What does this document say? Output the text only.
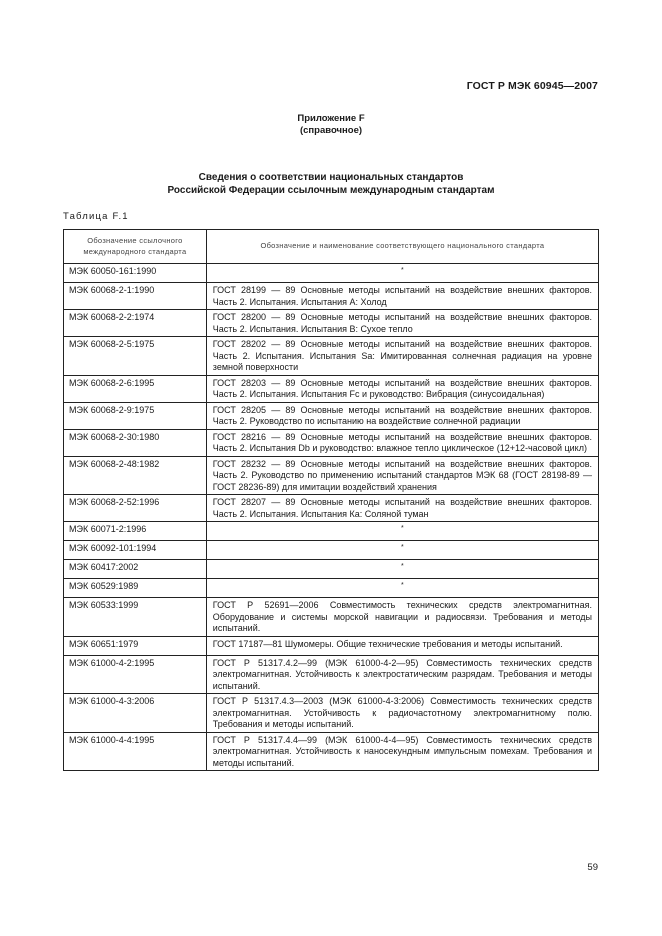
ГОСТ Р МЭК 60945—2007
Приложение F
(справочное)
Сведения о соответствии национальных стандартов
Российской Федерации ссылочным международным стандартам
Таблица F.1
Обозначение ссылочного международного стандарта	Обозначение и наименование соответствующего национального стандарта
МЭК 60050-161:1990	*
МЭК 60068-2-1:1990	ГОСТ 28199 — 89 Основные методы испытаний на воздействие внешних факторов. Часть 2. Испытания. Испытания А: Холод
МЭК 60068-2-2:1974	ГОСТ 28200 — 89 Основные методы испытаний на воздействие внешних факторов. Часть 2. Испытания. Испытания В: Сухое тепло
МЭК 60068-2-5:1975	ГОСТ 28202 — 89 Основные методы испытаний на воздействие внешних факторов. Часть 2. Испытания. Испытания Sa: Имитированная солнечная радиация на уровне земной поверхности
МЭК 60068-2-6:1995	ГОСТ 28203 — 89 Основные методы испытаний на воздействие внешних факторов. Часть 2. Испытания. Испытания Fc и руководство: Вибрация (синусоидальная)
МЭК 60068-2-9:1975	ГОСТ 28205 — 89 Основные методы испытаний на воздействие внешних факторов. Часть 2. Руководство по испытанию на воздействие солнечной радиации
МЭК 60068-2-30:1980	ГОСТ 28216 — 89 Основные методы испытаний на воздействие внешних факторов. Часть 2. Испытания Db и руководство: влажное тепло циклическое (12+12-часовой цикл)
МЭК 60068-2-48:1982	ГОСТ 28232 — 89 Основные методы испытаний на воздействие внешних факторов. Часть 2. Руководство по применению испытаний стандартов МЭК 68 (ГОСТ 28198-89 — ГОСТ 28236-89) для имитации воздействий хранения
МЭК 60068-2-52:1996	ГОСТ 28207 — 89 Основные методы испытаний на воздействие внешних факторов. Часть 2. Испытания. Испытания Ка: Соляной туман
МЭК 60071-2:1996	*
МЭК 60092-101:1994	*
МЭК 60417:2002	*
МЭК 60529:1989	*
МЭК 60533:1999	ГОСТ Р 52691—2006 Совместимость технических средств электромагнитная. Оборудование и системы морской навигации и радиосвязи. Требования и методы испытаний.
МЭК 60651:1979	ГОСТ 17187—81 Шумомеры. Общие технические требования и методы испытаний.
МЭК 61000-4-2:1995	ГОСТ Р 51317.4.2—99 (МЭК 61000-4-2—95) Совместимость технических средств электромагнитная. Устойчивость к электростатическим разрядам. Требования и методы испытаний.
МЭК 61000-4-3:2006	ГОСТ Р 51317.4.3—2003 (МЭК 61000-4-3:2006) Совместимость технических средств электромагнитная. Устойчивость к радиочастотному электромагнитному полю. Требования и методы испытаний.
МЭК 61000-4-4:1995	ГОСТ Р 51317.4.4—99 (МЭК 61000-4-4—95) Совместимость технических средств электромагнитная. Устойчивость к наносекундным импульсным помехам. Требования и методы испытаний.
59
